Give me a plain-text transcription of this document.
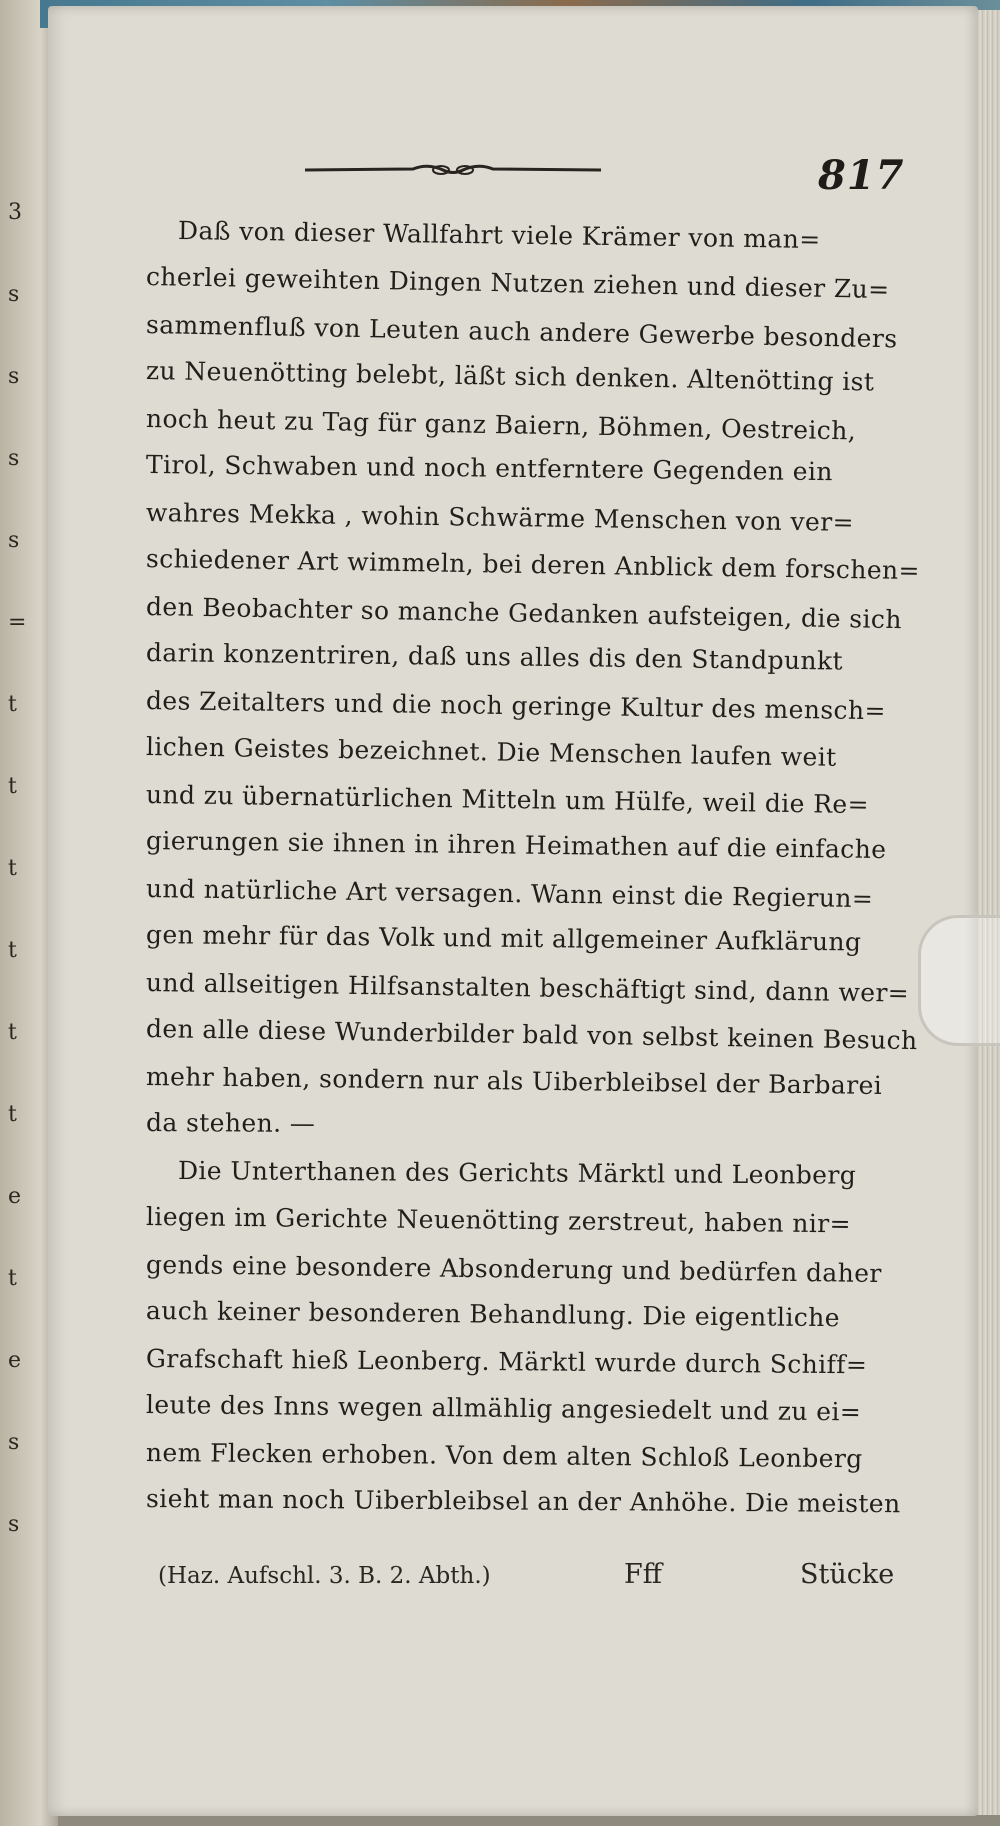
3
s
s
s
s
=
t
t
t
t
t
t
e
t
e
s
s
817
Daß von dieser Wallfahrt viele Krämer von man=
cherlei geweihten Dingen Nutzen ziehen und dieser Zu=
sammenfluß von Leuten auch andere Gewerbe besonders
zu Neuenötting belebt, läßt sich denken. Altenötting ist
noch heut zu Tag für ganz Baiern, Böhmen, Oestreich,
Tirol, Schwaben und noch entferntere Gegenden ein
wahres Mekka , wohin Schwärme Menschen von ver=
schiedener Art wimmeln, bei deren Anblick dem forschen=
den Beobachter so manche Gedanken aufsteigen, die sich
darin konzentriren, daß uns alles dis den Standpunkt
des Zeitalters und die noch geringe Kultur des mensch=
lichen Geistes bezeichnet. Die Menschen laufen weit
und zu übernatürlichen Mitteln um Hülfe, weil die Re=
gierungen sie ihnen in ihren Heimathen auf die einfache
und natürliche Art versagen. Wann einst die Regierun=
gen mehr für das Volk und mit allgemeiner Aufklärung
und allseitigen Hilfsanstalten beschäftigt sind, dann wer=
den alle diese Wunderbilder bald von selbst keinen Besuch
mehr haben, sondern nur als Uiberbleibsel der Barbarei
da stehen. —
Die Unterthanen des Gerichts Märktl und Leonberg
liegen im Gerichte Neuenötting zerstreut, haben nir=
gends eine besondere Absonderung und bedürfen daher
auch keiner besonderen Behandlung. Die eigentliche
Grafschaft hieß Leonberg. Märktl wurde durch Schiff=
leute des Inns wegen allmählig angesiedelt und zu ei=
nem Flecken erhoben. Von dem alten Schloß Leonberg
sieht man noch Uiberbleibsel an der Anhöhe. Die meisten
(Haz. Aufschl. 3. B. 2. Abth.)	Fff	Stücke
